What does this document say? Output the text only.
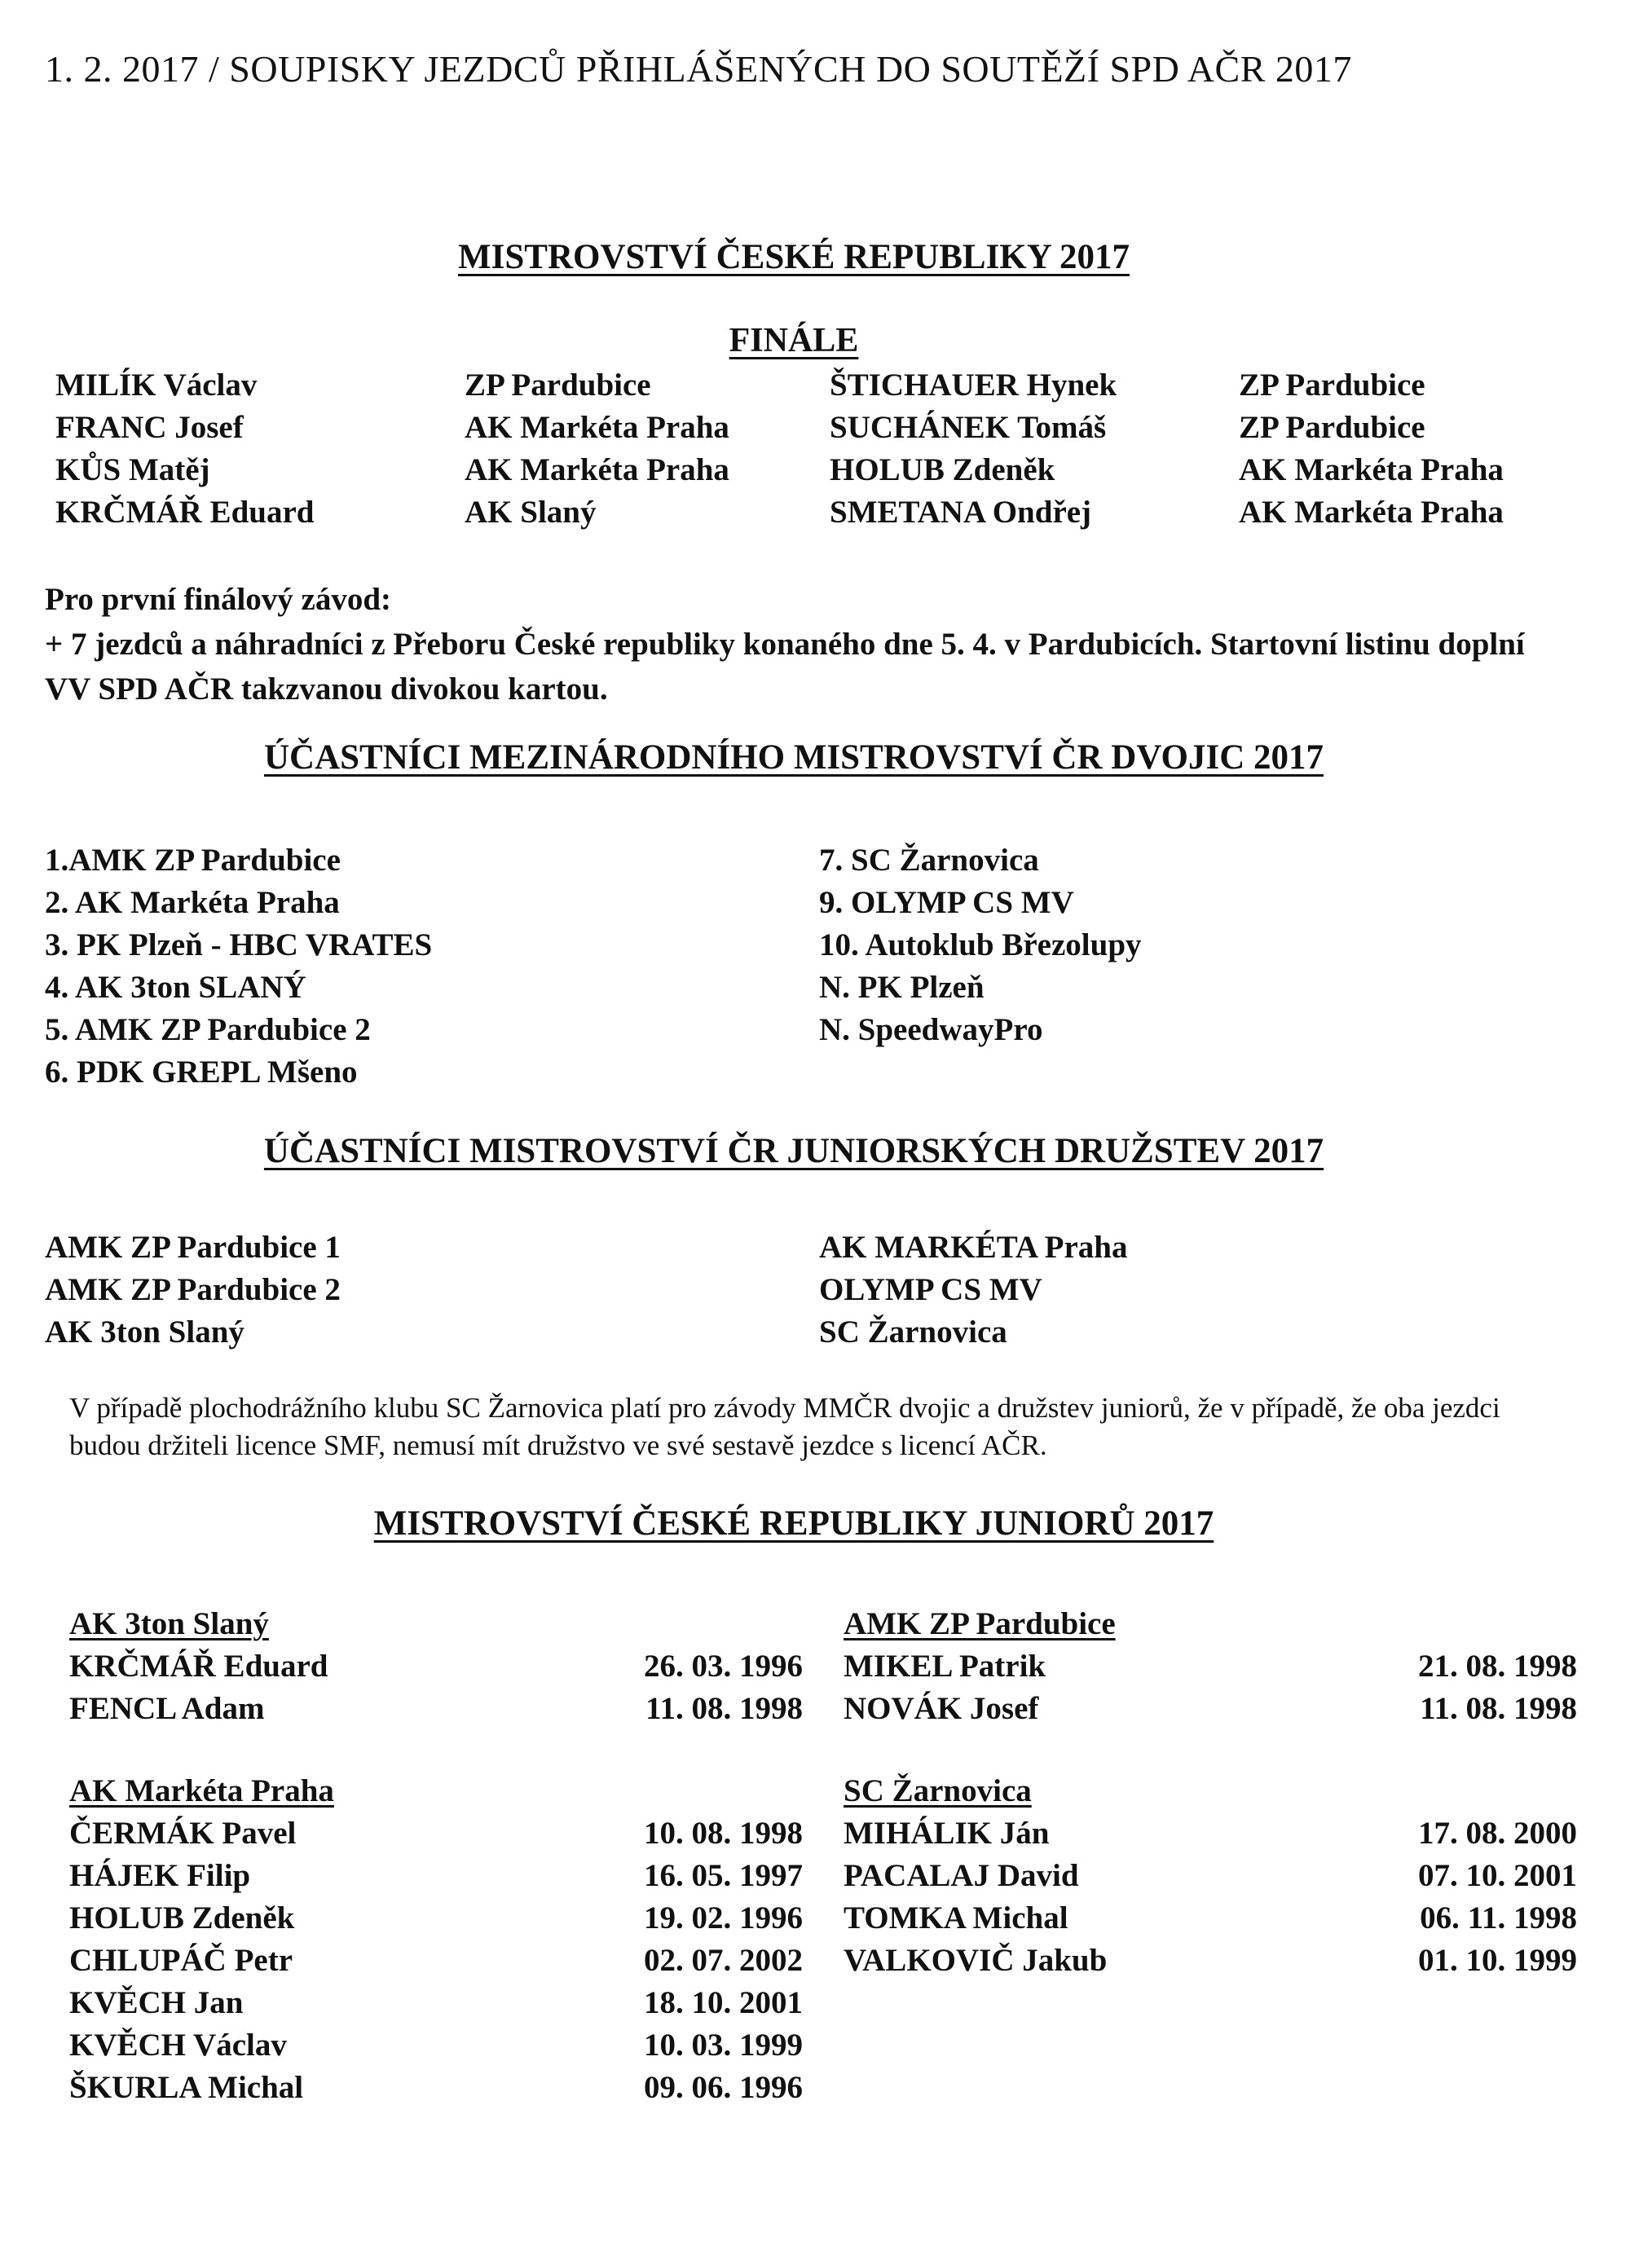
1. 2. 2017 / SOUPISKY JEZDCŮ PŘIHLÁŠENÝCH DO SOUTĚŽÍ SPD AČR 2017
MISTROVSTVÍ ČESKÉ REPUBLIKY 2017
FINÁLE
MILÍK Václav	ZP Pardubice	ŠTICHAUER Hynek	ZP Pardubice
FRANC Josef	AK Markéta Praha	SUCHÁNEK Tomáš	ZP Pardubice
KŮS Matěj	AK Markéta Praha	HOLUB Zdeněk	AK Markéta Praha
KRČMÁŘ Eduard	AK Slaný	SMETANA Ondřej	AK Markéta Praha
Pro první finálový závod:
+ 7 jezdců a náhradníci z Přeboru České republiky konaného dne 5. 4. v Pardubicích. Startovní listinu doplní VV SPD AČR takzvanou divokou kartou.
ÚČASTNÍCI MEZINÁRODNÍHO MISTROVSTVÍ ČR DVOJIC 2017
1.AMK ZP Pardubice
2. AK Markéta Praha
3. PK Plzeň - HBC VRATES
4. AK 3ton SLANÝ
5. AMK ZP Pardubice 2
6. PDK GREPL Mšeno
7. SC Žarnovica
9. OLYMP CS MV
10. Autoklub Březolupy
N. PK Plzeň
N. SpeedwayPro
ÚČASTNÍCI MISTROVSTVÍ ČR JUNIORSKÝCH DRUŽSTEV 2017
AMK ZP Pardubice 1
AMK ZP Pardubice 2
AK 3ton Slaný
AK MARKÉTA Praha
OLYMP CS MV
SC Žarnovica
V případě plochodrážního klubu SC Žarnovica platí pro závody MMČR dvojic a družstev juniorů, že v případě, že oba jezdci budou držiteli licence SMF, nemusí mít družstvo ve své sestavě jezdce s licencí AČR.
MISTROVSTVÍ ČESKÉ REPUBLIKY JUNIORŮ 2017
AK 3ton Slaný
KRČMÁŘ Eduard	26. 03. 1996
FENCL Adam	11. 08. 1998
AMK ZP Pardubice
MIKEL Patrik	21. 08. 1998
NOVÁK Josef	11. 08. 1998
AK Markéta Praha
ČERMÁK Pavel	10. 08. 1998
HÁJEK Filip	16. 05. 1997
HOLUB Zdeněk	19. 02. 1996
CHLUPÁČ Petr	02. 07. 2002
KVĚCH Jan	18. 10. 2001
KVĚCH Václav	10. 03. 1999
ŠKURLA Michal	09. 06. 1996
SC Žarnovica
MIHÁLIK Ján	17. 08. 2000
PACALAJ David	07. 10. 2001
TOMKA Michal	06. 11. 1998
VALKOVIČ Jakub	01. 10. 1999
